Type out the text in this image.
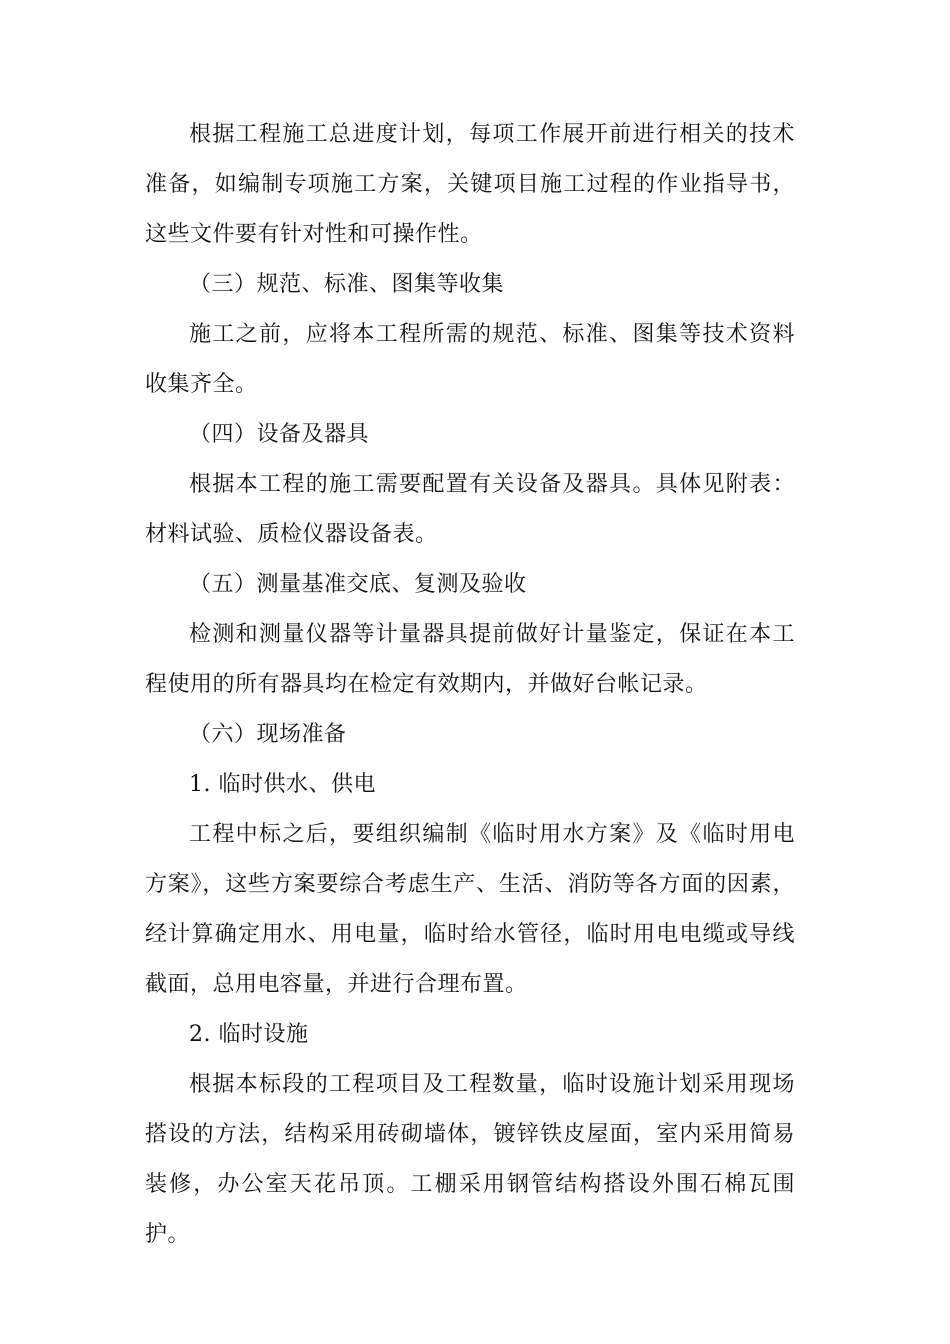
根据工程施工总进度计划，每项工作展开前进行相关的技术准备，如编制专项施工方案，关键项目施工过程的作业指导书，这些文件要有针对性和可操作性。

（三）规范、标准、图集等收集

施工之前，应将本工程所需的规范、标准、图集等技术资料收集齐全。

（四）设备及器具

根据本工程的施工需要配置有关设备及器具。具体见附表：材料试验、质检仪器设备表。

（五）测量基准交底、复测及验收

检测和测量仪器等计量器具提前做好计量鉴定，保证在本工程使用的所有器具均在检定有效期内，并做好台帐记录。

（六）现场准备

1. 临时供水、供电

工程中标之后，要组织编制《临时用水方案》及《临时用电方案》，这些方案要综合考虑生产、生活、消防等各方面的因素，经计算确定用水、用电量，临时给水管径，临时用电电缆或导线截面，总用电容量，并进行合理布置。

2. 临时设施

根据本标段的工程项目及工程数量，临时设施计划采用现场搭设的方法，结构采用砖砌墙体，镀锌铁皮屋面，室内采用简易装修，办公室天花吊顶。工棚采用钢管结构搭设外围石棉瓦围护。
